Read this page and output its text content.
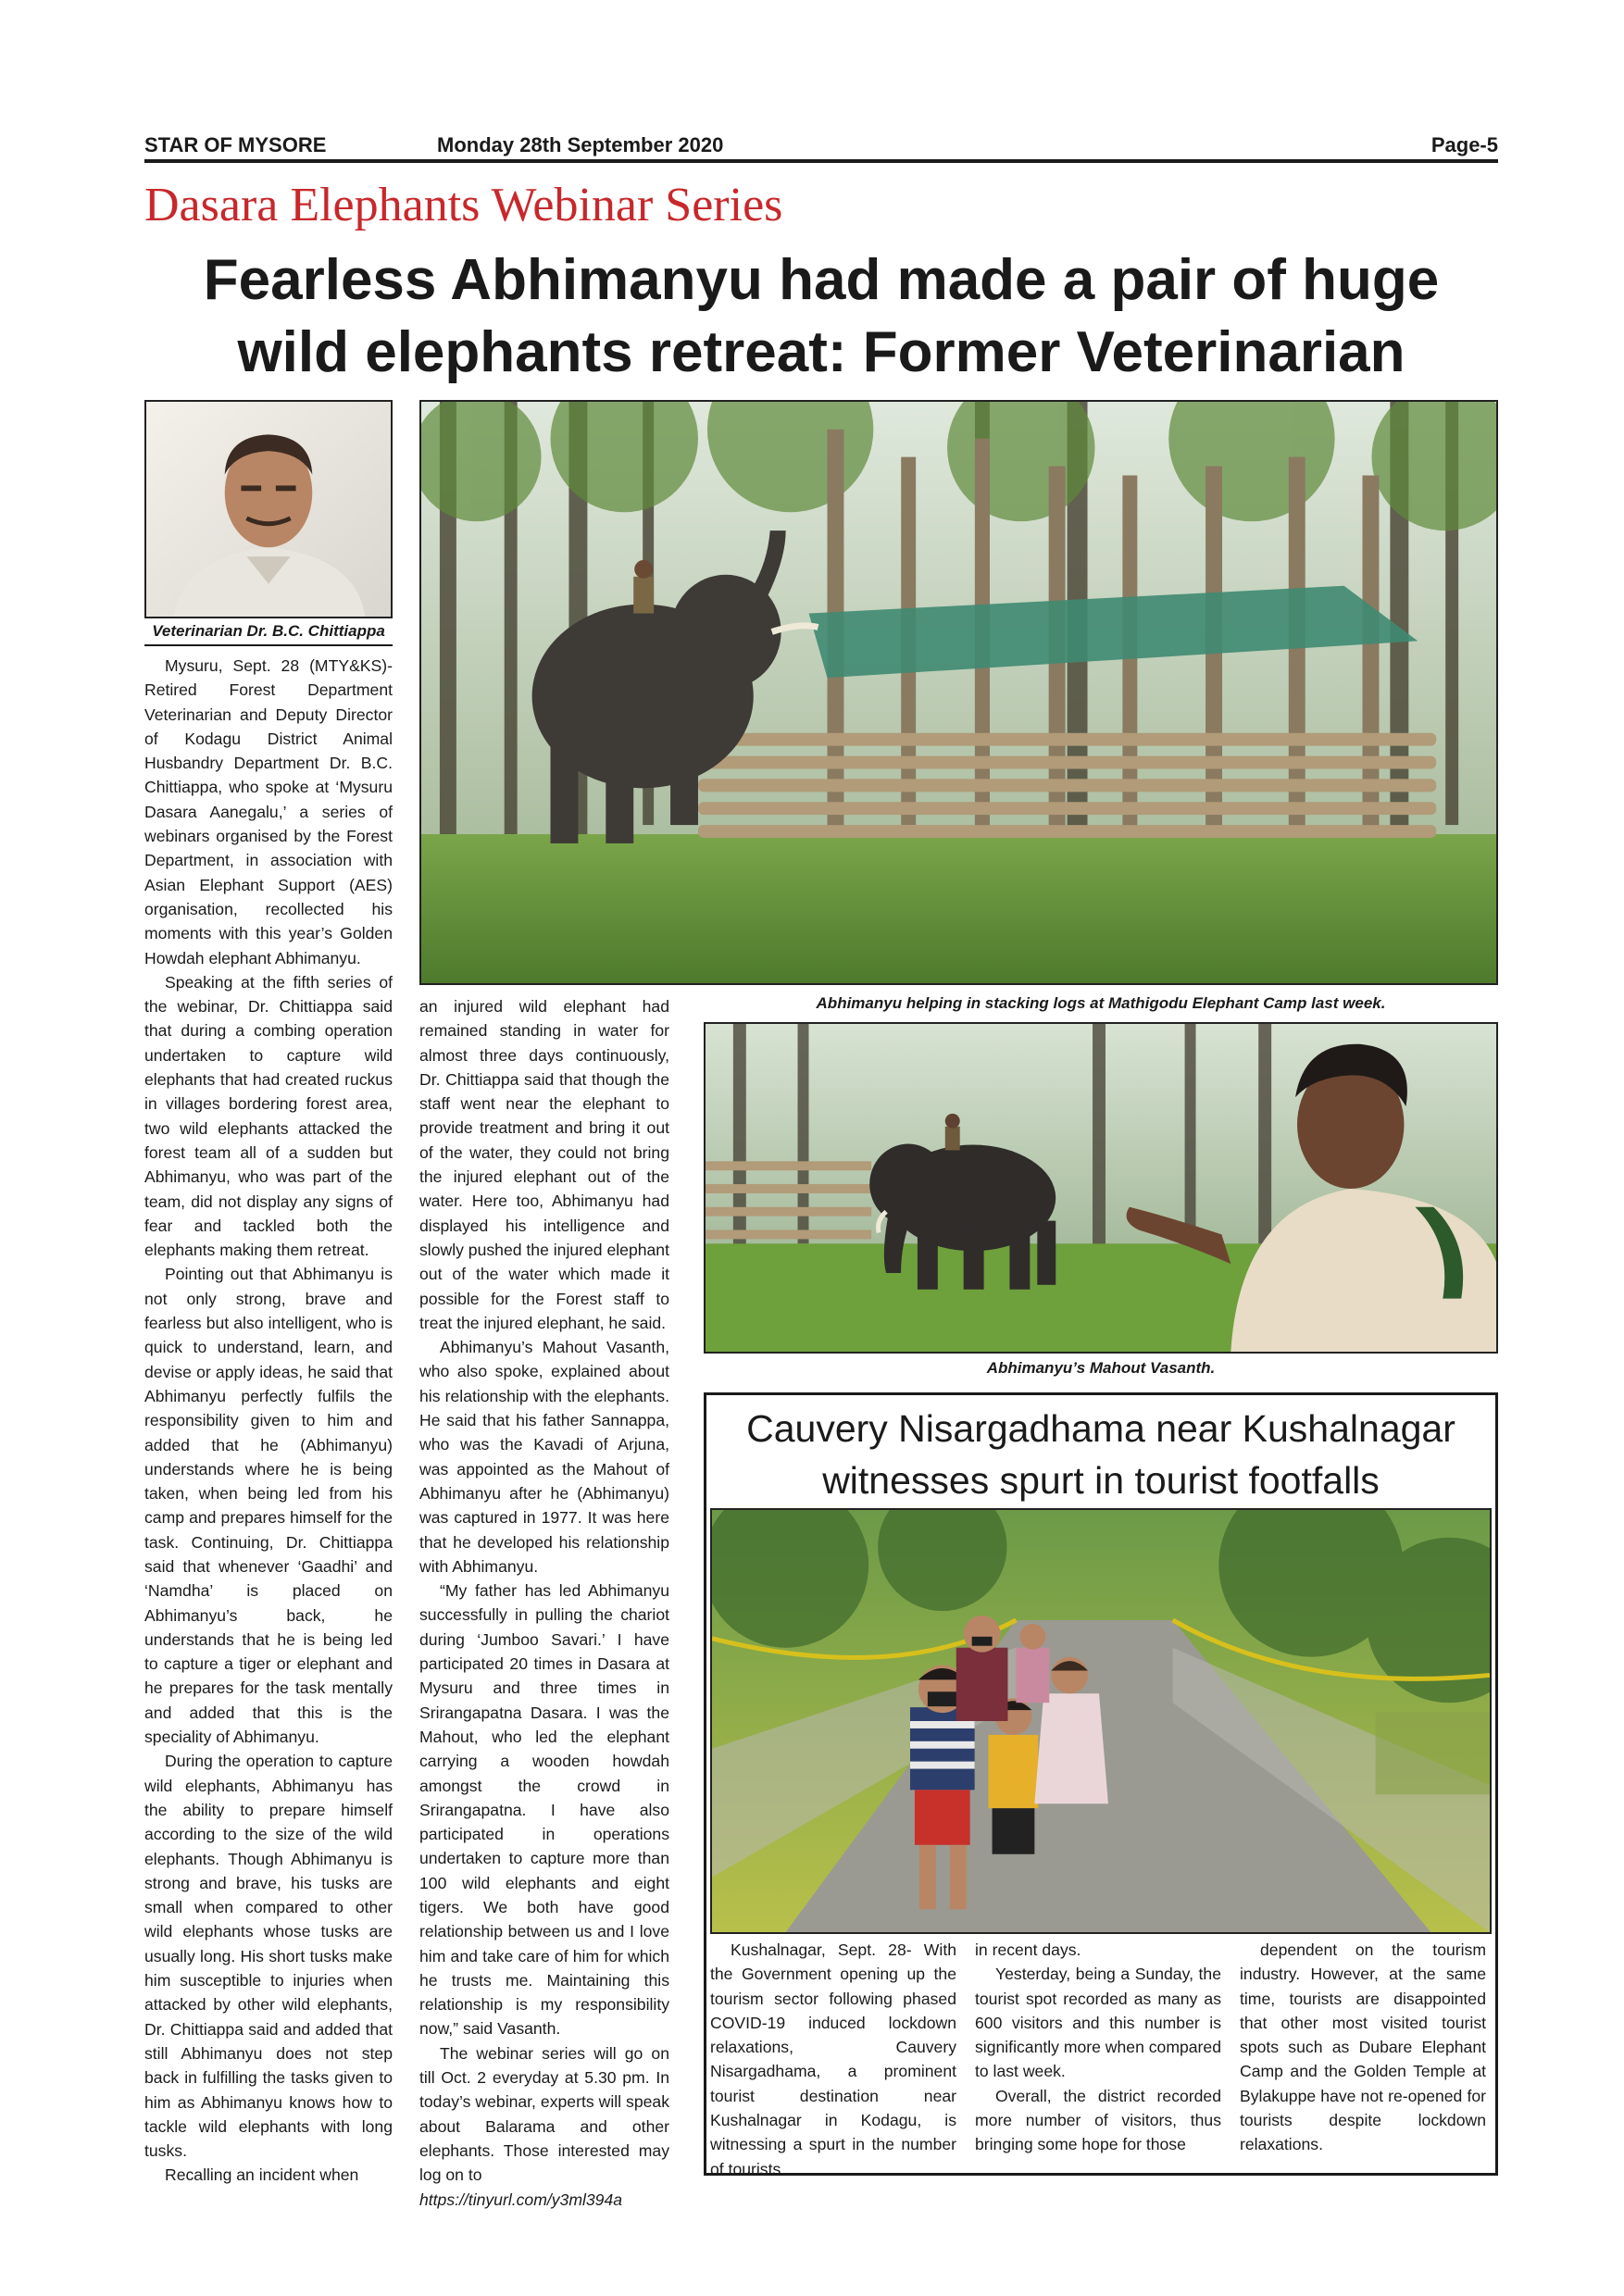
STAR OF MYSORE	Monday 28th September 2020	Page-5
Dasara Elephants Webinar Series
Fearless Abhimanyu had made a pair of huge
wild elephants retreat: Former Veterinarian
Veterinarian Dr. B.C. Chittiappa
Abhimanyu helping in stacking logs at Mathigodu Elephant Camp last week.
Abhimanyu’s Mahout Vasanth.

Mysuru, Sept. 28 (MTY&KS)- Retired Forest Department Veterinarian and Deputy Director of Kodagu District Animal Husbandry Department Dr. B.C. Chittiappa, who spoke at ‘Mysuru Dasara Aanegalu,’ a series of webinars organised by the Forest Department, in association with Asian Elephant Support (AES) organisation, recollected his moments with this year’s Golden Howdah elephant Abhimanyu.

Speaking at the fifth series of the webinar, Dr. Chittiappa said that during a combing operation undertaken to capture wild elephants that had created ruckus in villages bordering forest area, two wild elephants attacked the forest team all of a sudden but Abhimanyu, who was part of the team, did not display any signs of fear and tackled both the elephants making them retreat.

Pointing out that Abhimanyu is not only strong, brave and fearless but also intelligent, who is quick to understand, learn, and devise or apply ideas, he said that Abhimanyu perfectly fulfils the responsibility given to him and added that he (Abhimanyu) understands where he is being taken, when being led from his camp and prepares himself for the task. Continuing, Dr. Chittiappa said that whenever ‘Gaadhi’ and ‘Namdha’ is placed on Abhimanyu’s back, he understands that he is being led to capture a tiger or elephant and he prepares for the task mentally and added that this is the speciality of Abhimanyu.

During the operation to capture wild elephants, Abhimanyu has the ability to prepare himself according to the size of the wild elephants. Though Abhimanyu is strong and brave, his tusks are small when compared to other wild elephants whose tusks are usually long. His short tusks make him susceptible to injuries when attacked by other wild elephants, Dr. Chittiappa said and added that still Abhimanyu does not step back in fulfilling the tasks given to him as Abhimanyu knows how to tackle wild elephants with long tusks.

Recalling an incident when

an injured wild elephant had remained standing in water for almost three days continuously, Dr. Chittiappa said that though the staff went near the elephant to provide treatment and bring it out of the water, they could not bring the injured elephant out of the water. Here too, Abhimanyu had displayed his intelligence and slowly pushed the injured elephant out of the water which made it possible for the Forest staff to treat the injured elephant, he said.

Abhimanyu’s Mahout Vasanth, who also spoke, explained about his relationship with the elephants. He said that his father Sannappa, who was the Kavadi of Arjuna, was appointed as the Mahout of Abhimanyu after he (Abhimanyu) was captured in 1977. It was here that he developed his relationship with Abhimanyu.

“My father has led Abhimanyu successfully in pulling the chariot during ‘Jumboo Savari.’ I have participated 20 times in Dasara at Mysuru and three times in Srirangapatna Dasara. I was the Mahout, who led the elephant carrying a wooden howdah amongst the crowd in Srirangapatna. I have also participated in operations undertaken to capture more than 100 wild elephants and eight tigers. We both have good relationship between us and I love him and take care of him for which he trusts me. Maintaining this relationship is my responsibility now,” said Vasanth.

The webinar series will go on till Oct. 2 everyday at 5.30 pm. In today’s webinar, experts will speak about Balarama and other elephants. Those interested may log on to

https://tinyurl.com/y3ml394a

Cauvery Nisargadhama near Kushalnagar
witnesses spurt in tourist footfalls

Kushalnagar, Sept. 28- With the Government opening up the tourism sector following phased COVID-19 induced lockdown relaxations, Cauvery Nisargadhama, a prominent tourist destination near Kushalnagar in Kodagu, is witnessing a spurt in the number of tourists

in recent days.

Yesterday, being a Sunday, the tourist spot recorded as many as 600 visitors and this number is significantly more when compared to last week.

Overall, the district recorded more number of visitors, thus bringing some hope for those

dependent on the tourism industry. However, at the same time, tourists are disappointed that other most visited tourist spots such as Dubare Elephant Camp and the Golden Temple at Bylakuppe have not re-opened for tourists despite lockdown relaxations.
